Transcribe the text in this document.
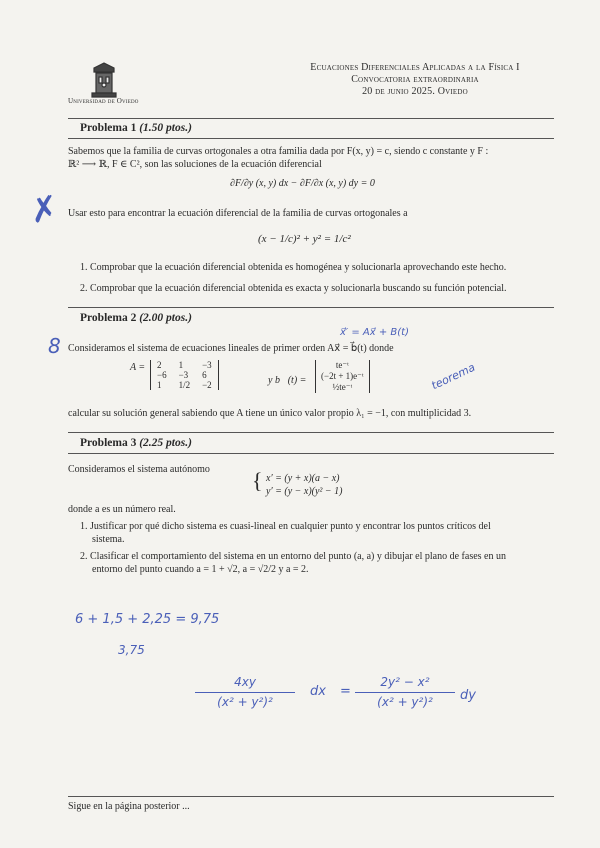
Universidad de Oviedo
Ecuaciones Diferenciales Aplicadas a la Física I
Convocatoria extraordinaria
20 de junio 2025. Oviedo
Problema 1 (1.50 ptos.)
Sabemos que la familia de curvas ortogonales a otra familia dada por F(x, y) = c, siendo c constante y F :
ℝ² ⟶ ℝ, F ∈ C², son las soluciones de la ecuación diferencial
∂F/∂y (x, y) dx − ∂F/∂x (x, y) dy = 0
Usar esto para encontrar la ecuación diferencial de la familia de curvas ortogonales a
(x − 1/c)² + y² = 1/c²
1. Comprobar que la ecuación diferencial obtenida es homogénea y solucionarla aprovechando este hecho.
2. Comprobar que la ecuación diferencial obtenida es exacta y solucionarla buscando su función potencial.
Problema 2 (2.00 ptos.)
Consideramos el sistema de ecuaciones lineales de primer orden Ax⃗ = b⃗(t) donde
A = 2	1	−3
−6	−3	6
1	1/2	−2	y b⃗(t) =
te⁻ᵗ
(−2t + 1)e⁻ᵗ
½te⁻ᵗ
calcular su solución general sabiendo que A tiene un único valor propio λ₁ = −1, con multiplicidad 3.
Problema 3 (2.25 ptos.)
Consideramos el sistema autónomo { x′ = (y + x)(a − x)
y′ = (y − x)(y² − 1)
donde a es un número real.
1. Justificar por qué dicho sistema es cuasi-lineal en cualquier punto y encontrar los puntos críticos del
sistema.
2. Clasificar el comportamiento del sistema en un entorno del punto (a, a) y dibujar el plano de fases en un
entorno del punto cuando a = 1 + √2, a = √2/2 y a = 2.
✗
8
x⃗′ = Ax⃗ + B(t)
teorema
6 + 1,5 + 2,25 = 9,75
3,75
4xy
(x² + y²)²
dx =
2y² − x²
(x² + y²)²	dy
Sigue en la página posterior ...
